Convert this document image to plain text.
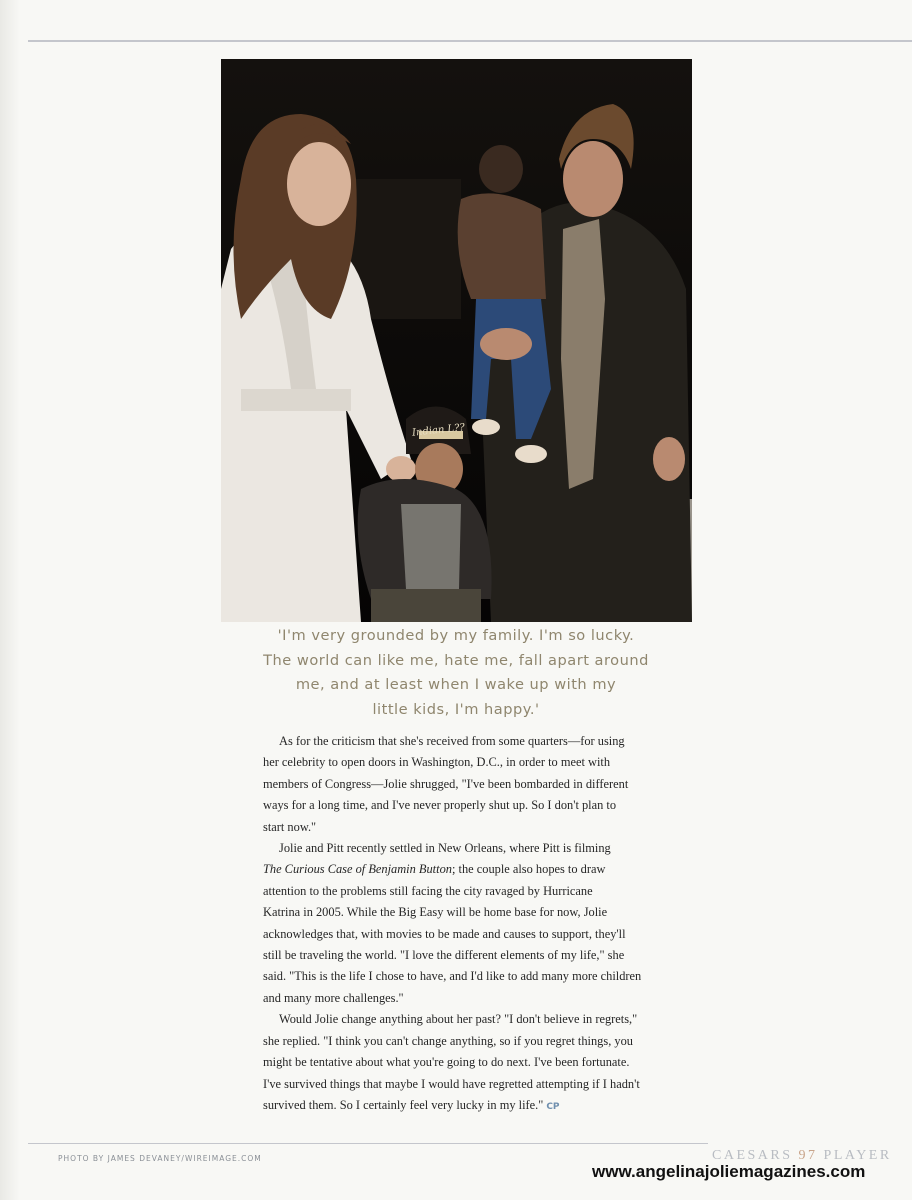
Indian L??
'I'm very grounded by my family. I'm so lucky.
The world can like me, hate me, fall apart around
me, and at least when I wake up with my
little kids, I'm happy.'

As for the criticism that she's received from some quarters—for using
her celebrity to open doors in Washington, D.C., in order to meet with
members of Congress—Jolie shrugged, "I've been bombarded in different
ways for a long time, and I've never properly shut up. So I don't plan to
start now."

Jolie and Pitt recently settled in New Orleans, where Pitt is filming
The Curious Case of Benjamin Button; the couple also hopes to draw
attention to the problems still facing the city ravaged by Hurricane
Katrina in 2005. While the Big Easy will be home base for now, Jolie
acknowledges that, with movies to be made and causes to support, they'll
still be traveling the world. "I love the different elements of my life," she
said. "This is the life I chose to have, and I'd like to add many more children
and many more challenges."

Would Jolie change anything about her past? "I don't believe in regrets,"
she replied. "I think you can't change anything, so if you regret things, you
might be tentative about what you're going to do next. I've been fortunate.
I've survived things that maybe I would have regretted attempting if I hadn't
survived them. So I certainly feel very lucky in my life." CP

PHOTO BY JAMES DEVANEY/WIREIMAGE.COM	CAESARS 97 PLAYER
www.angelinajoliemagazines.com
